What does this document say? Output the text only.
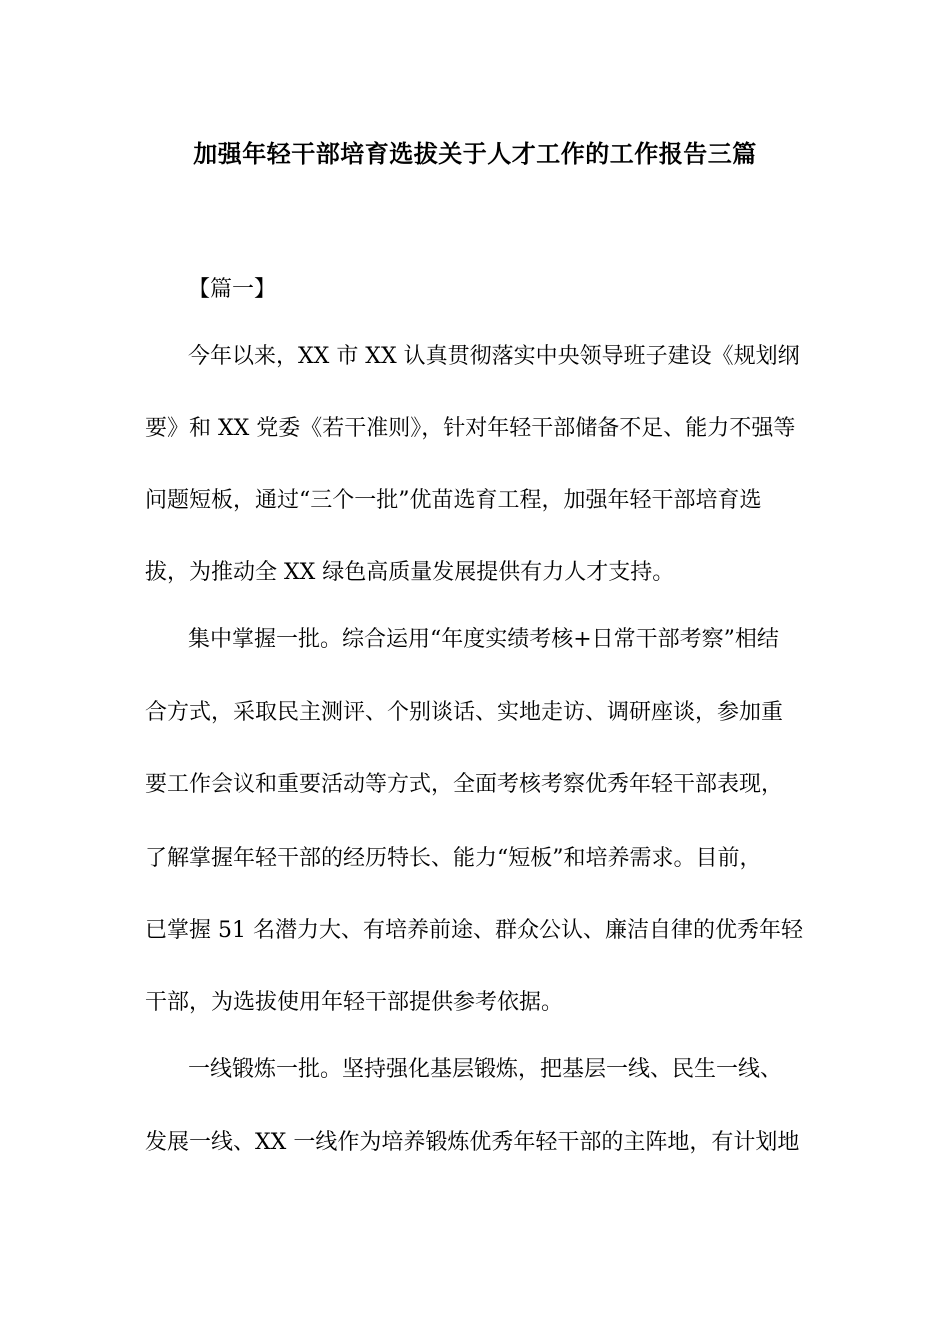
加强年轻干部培育选拔关于人才工作的工作报告三篇
【篇一】
今年以来，XX 市 XX 认真贯彻落实中央领导班子建设《规划纲
要》和 XX 党委《若干准则》，针对年轻干部储备不足、能力不强等
问题短板，通过“三个一批”优苗选育工程，加强年轻干部培育选
拔，为推动全 XX 绿色高质量发展提供有力人才支持。
集中掌握一批。综合运用“年度实绩考核+日常干部考察”相结
合方式，采取民主测评、个别谈话、实地走访、调研座谈，参加重
要工作会议和重要活动等方式，全面考核考察优秀年轻干部表现，
了解掌握年轻干部的经历特长、能力“短板”和培养需求。目前，
已掌握 51 名潜力大、有培养前途、群众公认、廉洁自律的优秀年轻
干部，为选拔使用年轻干部提供参考依据。
一线锻炼一批。坚持强化基层锻炼，把基层一线、民生一线、
发展一线、XX 一线作为培养锻炼优秀年轻干部的主阵地，有计划地
